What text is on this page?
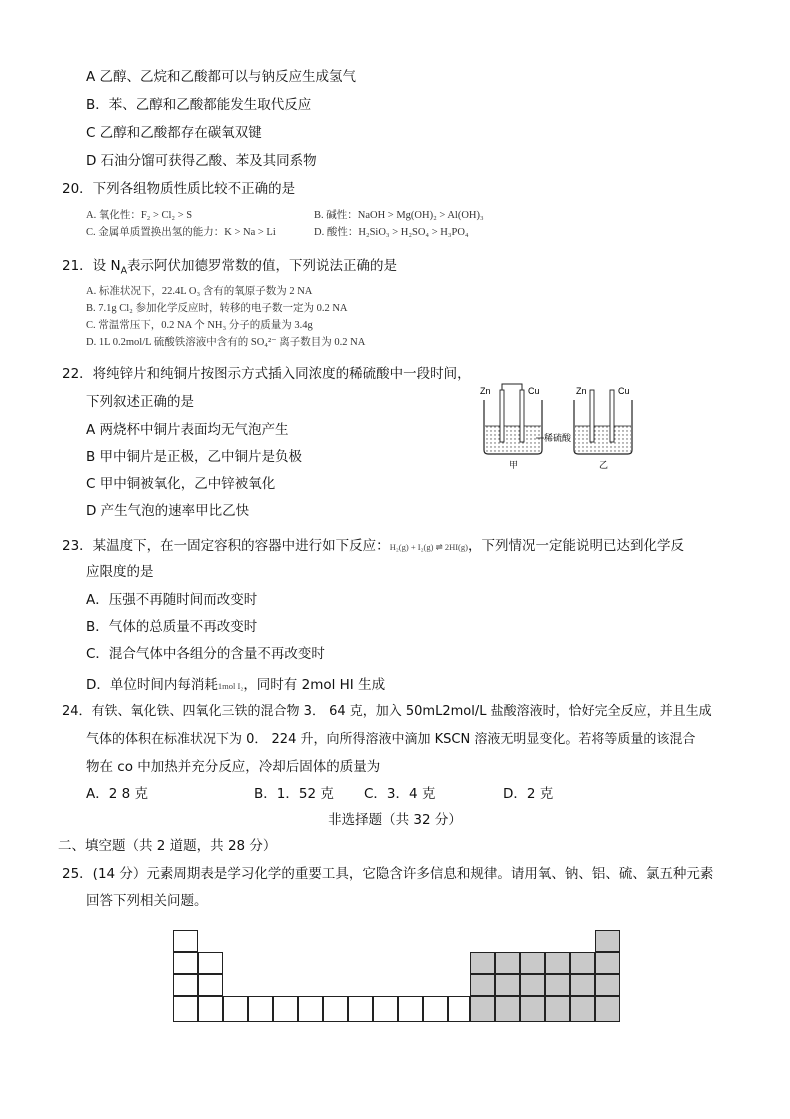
A 乙醇、乙烷和乙酸都可以与钠反应生成氢气
B．苯、乙醇和乙酸都能发生取代反应
C 乙醇和乙酸都存在碳氧双键
D 石油分馏可获得乙酸、苯及其同系物
20．下列各组物质性质比较不正确的是
A. 氧化性：F₂ > Cl₂ > S	B. 碱性：NaOH > Mg(OH)₂ > Al(OH)₃
C. 金属单质置换出氢的能力：K > Na > Li	D. 酸性：H₂SiO₃ > H₂SO₄ > H₃PO₄
21．设 $N_A$表示阿伏加德罗常数的值，下列说法正确的是
A. 标准状况下，22.4L O₃ 含有的氧原子数为 2 NA
B. 7.1g Cl₂ 参加化学反应时，转移的电子数一定为 0.2 NA
C. 常温常压下，0.2 NA 个 NH₃ 分子的质量为 3.4g
D. 1L 0.2mol/L 硫酸铁溶液中含有的 SO₄²⁻ 离子数目为 0.2 NA
22．将纯锌片和纯铜片按图示方式插入同浓度的稀硫酸中一段时间，
下列叙述正确的是
A 两烧杯中铜片表面均无气泡产生
B 甲中铜片是正极，乙中铜片是负极
C 甲中铜被氧化，乙中锌被氧化
D 产生气泡的速率甲比乙快
Zn	Cu
甲
稀硫酸
Zn	Cu
乙
23．某温度下，在一固定容积的容器中进行如下反应：H₂(g) + I₂(g) ⇌ 2HI(g)，下列情况一定能说明已达到化学反
应限度的是
A．压强不再随时间而改变时
B．气体的总质量不再改变时
C．混合气体中各组分的含量不再改变时
D．单位时间内每消耗1mol I₂，同时有 2mol HI 生成
24．有铁、氧化铁、四氧化三铁的混合物 3． 64 克，加入 50mL2mol/L 盐酸溶液时，恰好完全反应，并且生成
气体的体积在标准状况下为 0． 224 升，向所得溶液中滴加 KSCN 溶液无明显变化。若将等质量的该混合
物在 co 中加热并充分反应，冷却后固体的质量为
A．2 8 克	B．1．52 克 C．3．4 克	D．2 克
非选择题（共 32 分）
二、填空题（共 2 道题，共 28 分）
25．(14 分）元素周期表是学习化学的重要工具，它隐含许多信息和规律。请用氧、钠、铝、硫、氯五种元素
回答下列相关问题。
